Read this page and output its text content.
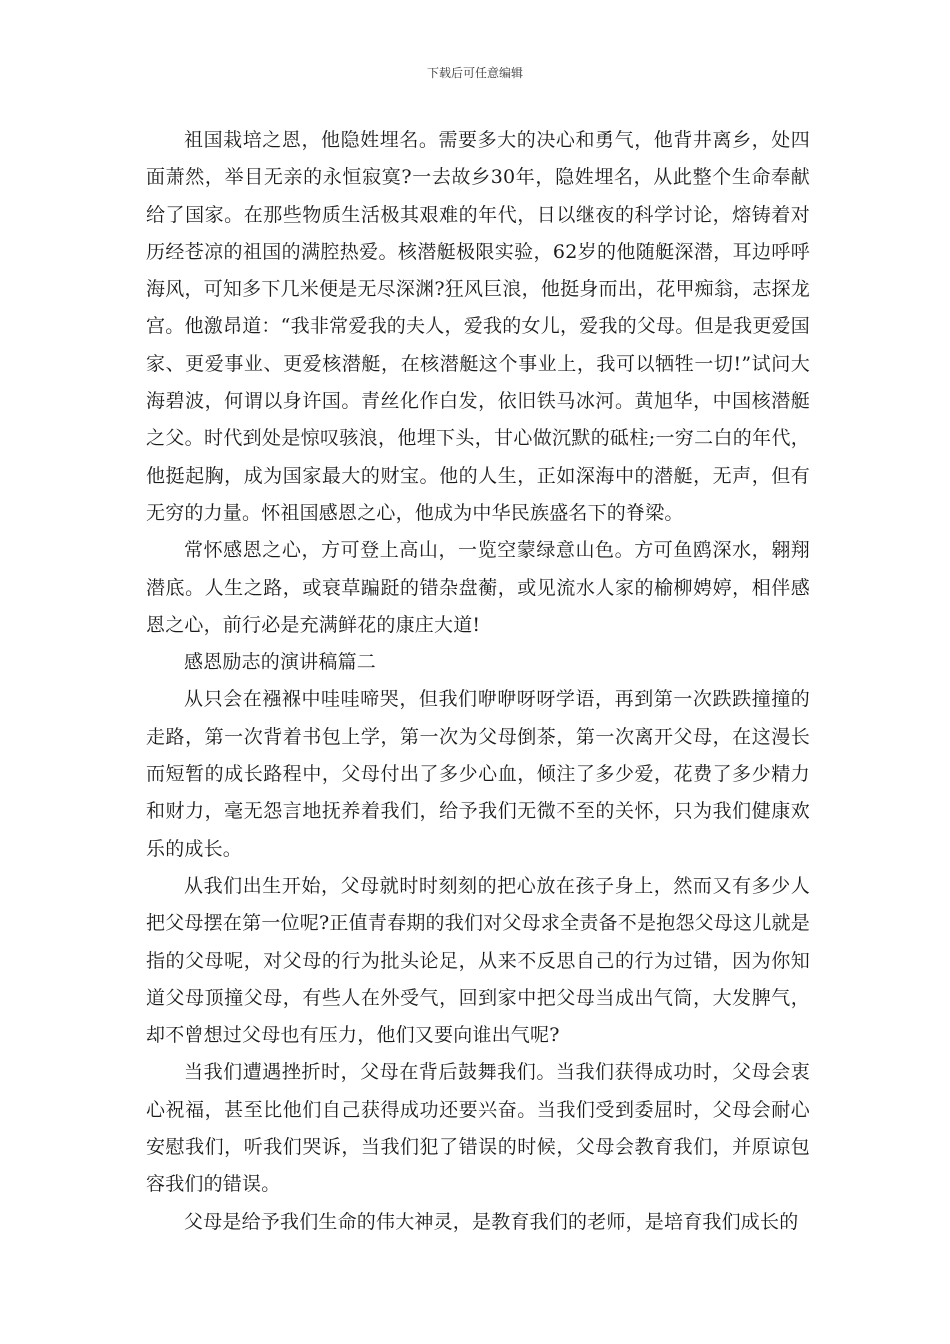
下载后可任意编辑

祖国栽培之恩，他隐姓埋名。需要多大的决心和勇气，他背井离乡，处四面萧然，举目无亲的永恒寂寞?一去故乡30年，隐姓埋名，从此整个生命奉献给了国家。在那些物质生活极其艰难的年代，日以继夜的科学讨论，熔铸着对历经苍凉的祖国的满腔热爱。核潜艇极限实验，62岁的他随艇深潜，耳边呼呼海风，可知多下几米便是无尽深渊?狂风巨浪，他挺身而出，花甲痴翁，志探龙宫。他激昂道：“我非常爱我的夫人，爱我的女儿，爱我的父母。但是我更爱国家、更爱事业、更爱核潜艇，在核潜艇这个事业上，我可以牺牲一切!”试问大海碧波，何谓以身许国。青丝化作白发，依旧铁马冰河。黄旭华，中国核潜艇之父。时代到处是惊叹骇浪，他埋下头，甘心做沉默的砥柱;一穷二白的年代，他挺起胸，成为国家最大的财宝。他的人生，正如深海中的潜艇，无声，但有无穷的力量。怀祖国感恩之心，他成为中华民族盛名下的脊梁。

常怀感恩之心，方可登上高山，一览空蒙绿意山色。方可鱼鸥深水，翱翔潜底。人生之路，或衰草蹁跹的错杂盘蘅，或见流水人家的榆柳娉婷，相伴感恩之心，前行必是充满鲜花的康庄大道!

感恩励志的演讲稿篇二

从只会在襁褓中哇哇啼哭，但我们咿咿呀呀学语，再到第一次跌跌撞撞的走路，第一次背着书包上学，第一次为父母倒茶，第一次离开父母，在这漫长而短暂的成长路程中，父母付出了多少心血，倾注了多少爱，花费了多少精力和财力，毫无怨言地抚养着我们，给予我们无微不至的关怀，只为我们健康欢乐的成长。

从我们出生开始，父母就时时刻刻的把心放在孩子身上，然而又有多少人把父母摆在第一位呢?正值青春期的我们对父母求全责备不是抱怨父母这儿就是指的父母呢，对父母的行为批头论足，从来不反思自己的行为过错，因为你知道父母顶撞父母，有些人在外受气，回到家中把父母当成出气筒，大发脾气，却不曾想过父母也有压力，他们又要向谁出气呢?

当我们遭遇挫折时，父母在背后鼓舞我们。当我们获得成功时，父母会衷心祝福，甚至比他们自己获得成功还要兴奋。当我们受到委屈时，父母会耐心安慰我们，听我们哭诉，当我们犯了错误的时候，父母会教育我们，并原谅包容我们的错误。

父母是给予我们生命的伟大神灵，是教育我们的老师，是培育我们成长的
